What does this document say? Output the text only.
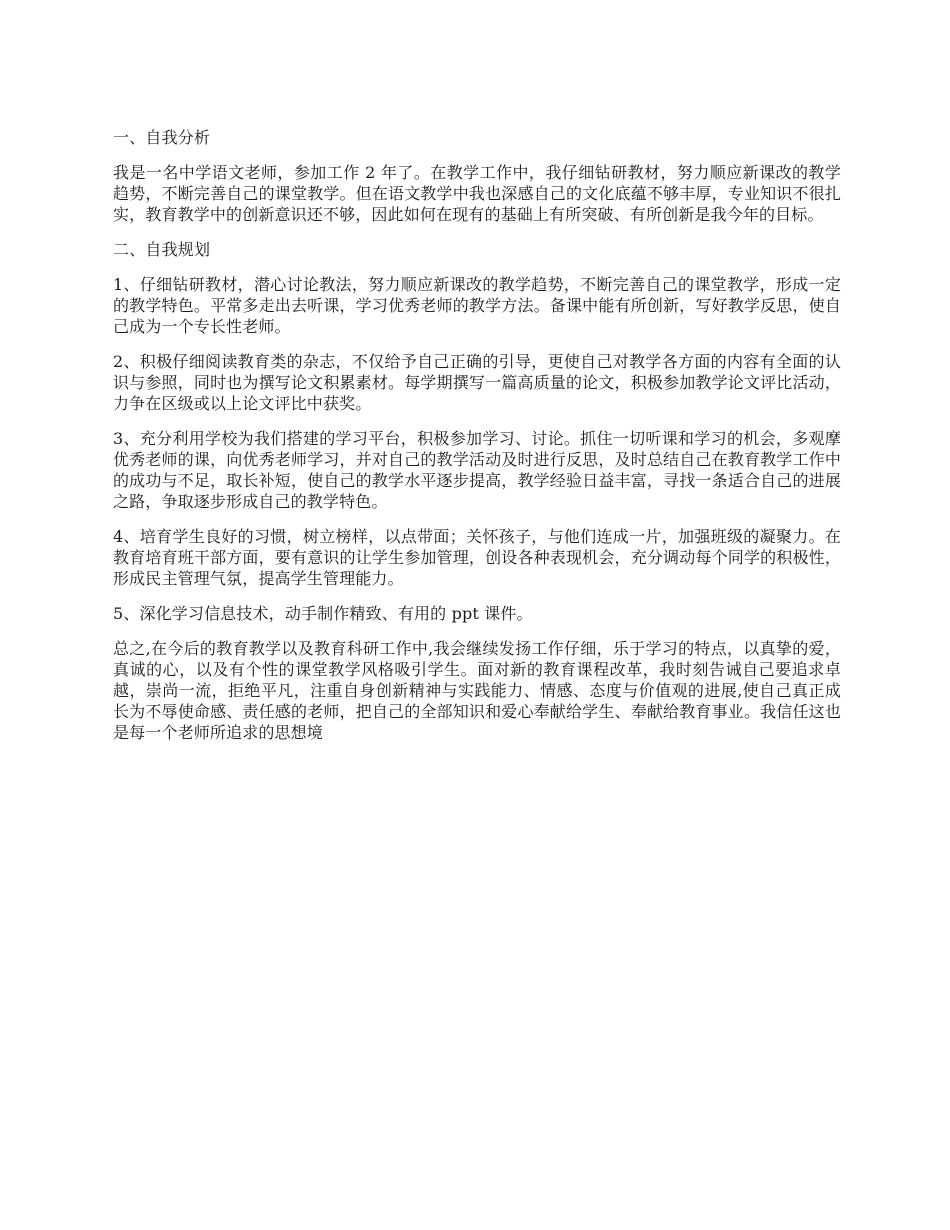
一、自我分析
我是一名中学语文老师，参加工作 2 年了。在教学工作中，我仔细钻研教材，努力顺应新课改的教学趋势，不断完善自己的课堂教学。但在语文教学中我也深感自己的文化底蕴不够丰厚，专业知识不很扎实，教育教学中的创新意识还不够，因此如何在现有的基础上有所突破、有所创新是我今年的目标。
二、自我规划
1、仔细钻研教材，潜心讨论教法，努力顺应新课改的教学趋势，不断完善自己的课堂教学，形成一定的教学特色。平常多走出去听课，学习优秀老师的教学方法。备课中能有所创新，写好教学反思，使自己成为一个专长性老师。
2、积极仔细阅读教育类的杂志，不仅给予自己正确的引导，更使自己对教学各方面的内容有全面的认识与参照，同时也为撰写论文积累素材。每学期撰写一篇高质量的论文，积极参加教学论文评比活动，力争在区级或以上论文评比中获奖。
3、充分利用学校为我们搭建的学习平台，积极参加学习、讨论。抓住一切听课和学习的机会，多观摩优秀老师的课，向优秀老师学习，并对自己的教学活动及时进行反思，及时总结自己在教育教学工作中的成功与不足，取长补短，使自己的教学水平逐步提高，教学经验日益丰富，寻找一条适合自己的进展之路，争取逐步形成自己的教学特色。
4、培育学生良好的习惯，树立榜样，以点带面；关怀孩子，与他们连成一片，加强班级的凝聚力。在教育培育班干部方面，要有意识的让学生参加管理，创设各种表现机会，充分调动每个同学的积极性，形成民主管理气氛，提高学生管理能力。
5、深化学习信息技术，动手制作精致、有用的 ppt 课件。
总之,在今后的教育教学以及教育科研工作中,我会继续发扬工作仔细，乐于学习的特点，以真挚的爱，真诚的心，以及有个性的课堂教学风格吸引学生。面对新的教育课程改革，我时刻告诫自己要追求卓越，崇尚一流，拒绝平凡，注重自身创新精神与实践能力、情感、态度与价值观的进展,使自己真正成长为不辱使命感、责任感的老师，把自己的全部知识和爱心奉献给学生、奉献给教育事业。我信任这也是每一个老师所追求的思想境
